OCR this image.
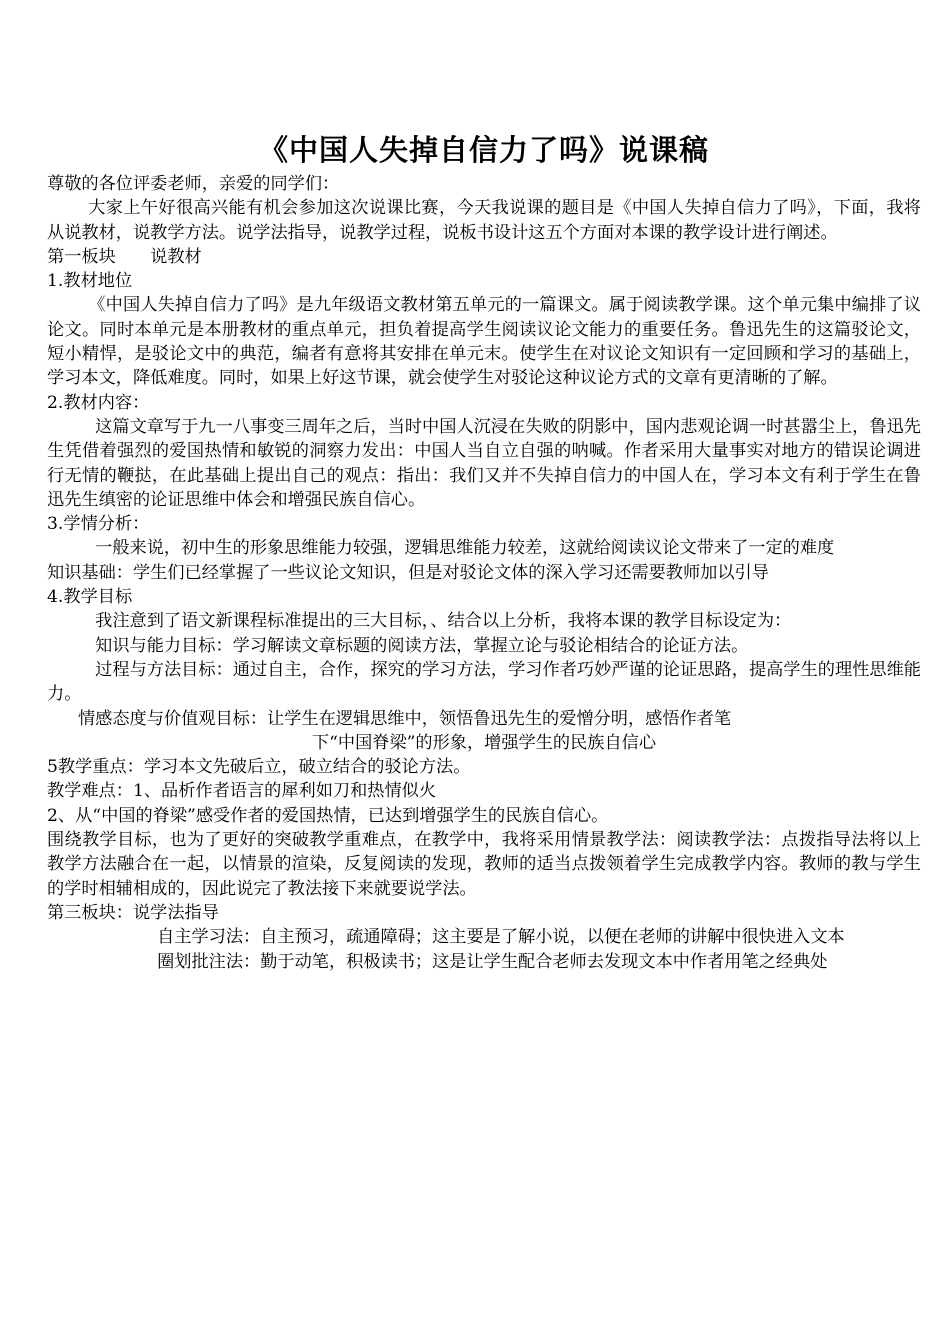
《中国人失掉自信力了吗》说课稿

尊敬的各位评委老师，亲爱的同学们：

大家上午好很高兴能有机会参加这次说课比赛，今天我说课的题目是《中国人失掉自信力了吗》，下面，我将从说教材，说教学方法。说学法指导，说教学过程，说板书设计这五个方面对本课的教学设计进行阐述。

第一板块　　说教材

1.教材地位

《中国人失掉自信力了吗》是九年级语文教材第五单元的一篇课文。属于阅读教学课。这个单元集中编排了议论文。同时本单元是本册教材的重点单元，担负着提高学生阅读议论文能力的重要任务。鲁迅先生的这篇驳论文，短小精悍，是驳论文中的典范，编者有意将其安排在单元末。使学生在对议论文知识有一定回顾和学习的基础上，学习本文，降低难度。同时，如果上好这节课，就会使学生对驳论这种议论方式的文章有更清晰的了解。

2.教材内容：

这篇文章写于九一八事变三周年之后，当时中国人沉浸在失败的阴影中，国内悲观论调一时甚嚣尘上，鲁迅先生凭借着强烈的爱国热情和敏锐的洞察力发出：中国人当自立自强的呐喊。作者采用大量事实对地方的错误论调进行无情的鞭挞，在此基础上提出自己的观点：指出：我们又并不失掉自信力的中国人在，学习本文有利于学生在鲁迅先生缜密的论证思维中体会和增强民族自信心。

3.学情分析：

一般来说，初中生的形象思维能力较强，逻辑思维能力较差，这就给阅读议论文带来了一定的难度

知识基础：学生们已经掌握了一些议论文知识，但是对驳论文体的深入学习还需要教师加以引导

4.教学目标

我注意到了语文新课程标准提出的三大目标，、结合以上分析，我将本课的教学目标设定为：

知识与能力目标：学习解读文章标题的阅读方法，掌握立论与驳论相结合的论证方法。

过程与方法目标：通过自主，合作，探究的学习方法，学习作者巧妙严谨的论证思路，提高学生的理性思维能力。

情感态度与价值观目标：让学生在逻辑思维中，领悟鲁迅先生的爱憎分明，感悟作者笔

下“中国脊梁”的形象，增强学生的民族自信心

5教学重点：学习本文先破后立，破立结合的驳论方法。

教学难点：1、品析作者语言的犀利如刀和热情似火

2、从“中国的脊梁”感受作者的爱国热情，已达到增强学生的民族自信心。

围绕教学目标，也为了更好的突破教学重难点，在教学中，我将采用情景教学法：阅读教学法：点拨指导法将以上教学方法融合在一起，以情景的渲染，反复阅读的发现，教师的适当点拨领着学生完成教学内容。教师的教与学生的学时相辅相成的，因此说完了教法接下来就要说学法。

第三板块：说学法指导

自主学习法：自主预习，疏通障碍；这主要是了解小说，以便在老师的讲解中很快进入文本

圈划批注法：勤于动笔，积极读书；这是让学生配合老师去发现文本中作者用笔之经典处
